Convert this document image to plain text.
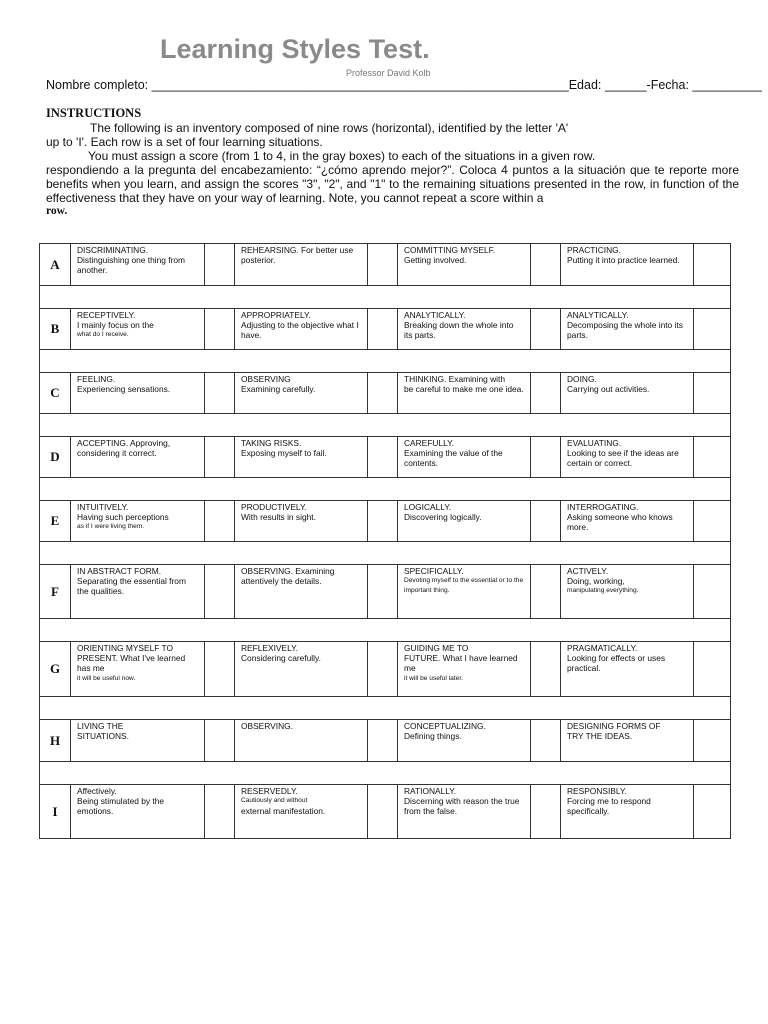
Learning Styles Test.
Professor David Kolb
Nombre completo: ____________________________________________________________Edad: ______-Fecha: __________
INSTRUCTIONS
The following is an inventory composed of nine rows (horizontal), identified by the letter 'A'
up to 'I'. Each row is a set of four learning situations.
You must assign a score (from 1 to 4, in the gray boxes) to each of the situations in a given row.
respondiendo a la pregunta del encabezamiento: “¿cómo aprendo mejor?”. Coloca 4 puntos a la situación que te reporte more benefits when you learn, and assign the scores "3", "2", and "1" to the remaining situations presented in the row, in function of the effectiveness that they have on your way of learning. Note, you cannot repeat a score within a
row.
A
DISCRIMINATING.
Distinguishing one thing from another.
REHEARSING. For better use
posterior.
COMMITTING MYSELF.
Getting involved.
PRACTICING.
Putting it into practice learned.
B
RECEPTIVELY.
I mainly focus on the
what do I receive.
APPROPRIATELY.
Adjusting to the objective what I have.
ANALYTICALLY.
Breaking down the whole into its parts.
ANALYTICALLY.
Decomposing the whole into its parts.
C
FEELING.
Experiencing sensations.
OBSERVING
Examining carefully.
THINKING. Examining with
be careful to make me one idea.
DOING.
Carrying out activities.
D
ACCEPTING. Approving,
considering it correct.
TAKING RISKS.
Exposing myself to fail.
CAREFULLY.
Examining the value of the contents.
EVALUATING.
Looking to see if the ideas are certain or correct.
E
INTUITIVELY.
Having such perceptions
as if I were living them.
PRODUCTIVELY.
With results in sight.
LOGICALLY.
Discovering logically.
INTERROGATING.
Asking someone who knows more.
F
IN ABSTRACT FORM.
Separating the essential from the qualities.
OBSERVING. Examining
attentively the details.
SPECIFICALLY.
Devoting myself to the essential or to the important thing.
ACTIVELY.
Doing, working,
manipulating everything.
G
ORIENTING MYSELF TO
PRESENT. What I've learned has me
it will be useful now.
REFLEXIVELY.
Considering carefully.
GUIDING ME TO
FUTURE. What I have learned me
it will be useful later.
PRAGMATICALLY.
Looking for effects or uses practical.
H
LIVING THE
SITUATIONS.
OBSERVING.	CONCEPTUALIZING.
Defining things.
DESIGNING FORMS OF
TRY THE IDEAS.
I
Affectively.
Being stimulated by the emotions.
RESERVEDLY.
Cautiously and without
external manifestation.
RATIONALLY.
Discerning with reason the true from the false.
RESPONSIBLY.
Forcing me to respond specifically.
